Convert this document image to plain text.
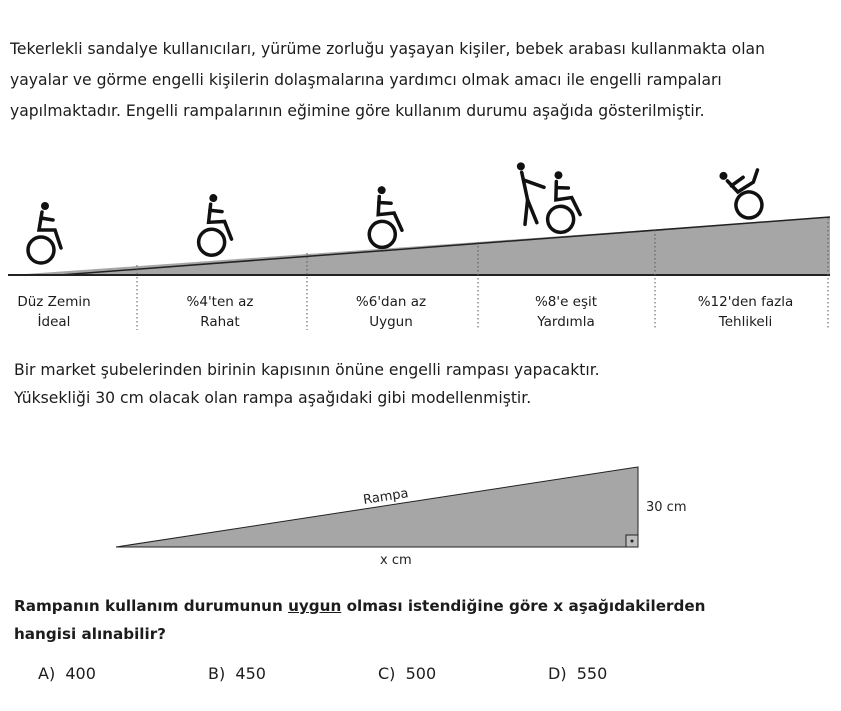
Tekerlekli sandalye kullanıcıları, yürüme zorluğu yaşayan kişiler, bebek arabası kullanmakta olan
yayalar ve görme engelli kişilerin dolaşmalarına yardımcı olmak amacı ile engelli rampaları
yapılmaktadır. Engelli rampalarının eğimine göre kullanım durumu aşağıda gösterilmiştir.
Düz Zemin
İdeal
%4'ten az
Rahat
%6'dan az
Uygun
%8'e eşit
Yardımla
%12'den fazla
Tehlikeli
Bir market şubelerinden birinin kapısının önüne engelli rampası yapacaktır.
Yüksekliği 30 cm olacak olan rampa aşağıdaki gibi modellenmiştir.
Rampa	30 cm
x cm
Rampanın kullanım durumunun uygun olması istendiğine göre x aşağıdakilerden
hangisi alınabilir?
A) 400	B) 450	C) 500	D) 550
